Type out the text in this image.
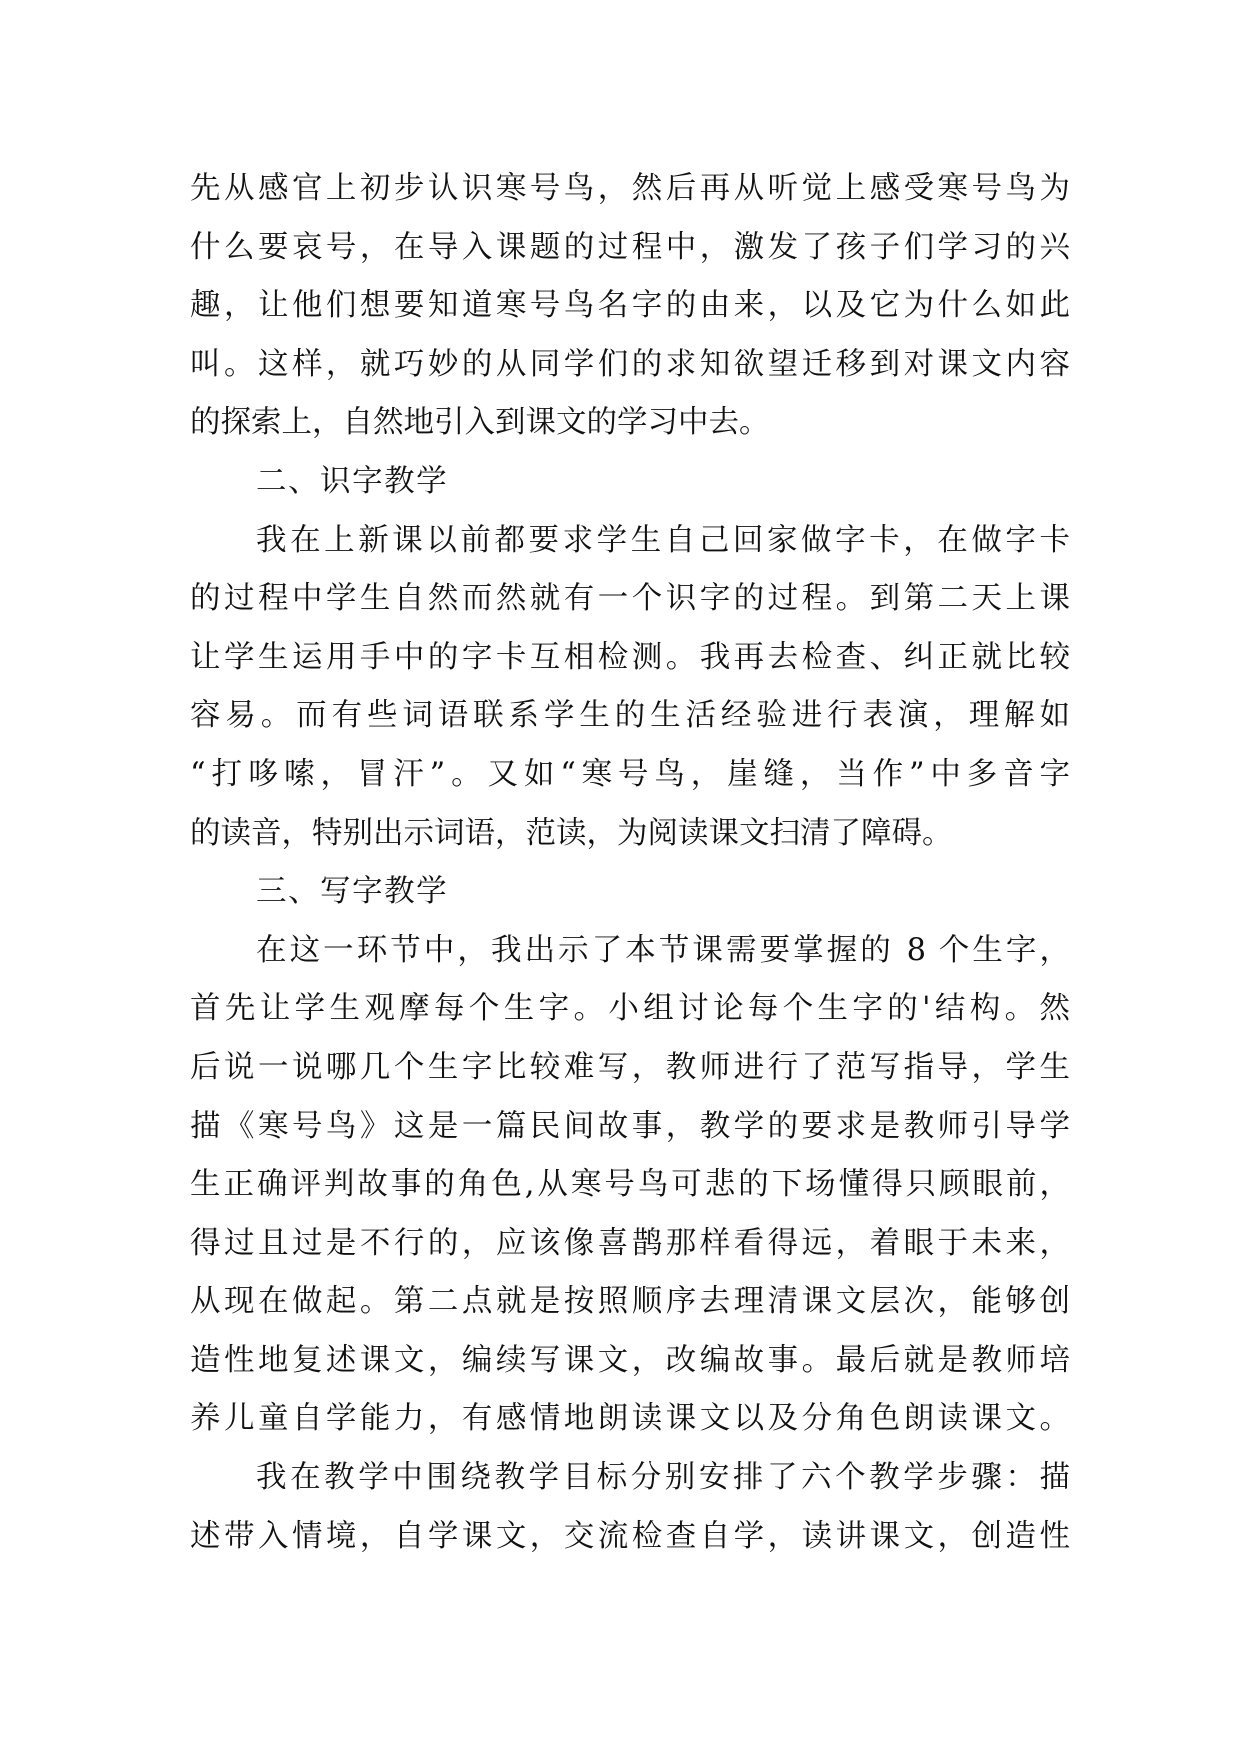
先从感官上初步认识寒号鸟，然后再从听觉上感受寒号鸟为
什么要哀号，在导入课题的过程中，激发了孩子们学习的兴
趣，让他们想要知道寒号鸟名字的由来，以及它为什么如此
叫。这样，就巧妙的从同学们的求知欲望迁移到对课文内容
的探索上，自然地引入到课文的学习中去。
二、识字教学
我在上新课以前都要求学生自己回家做字卡，在做字卡
的过程中学生自然而然就有一个识字的过程。到第二天上课
让学生运用手中的字卡互相检测。我再去检查、纠正就比较
容易。而有些词语联系学生的生活经验进行表演，理解如
“打哆嗦，冒汗”。又如“寒号鸟，崖缝，当作”中多音字
的读音，特别出示词语，范读，为阅读课文扫清了障碍。
三、写字教学
在这一环节中，我出示了本节课需要掌握的 8 个生字，
首先让学生观摩每个生字。小组讨论每个生字的'结构。然
后说一说哪几个生字比较难写，教师进行了范写指导，学生
描《寒号鸟》这是一篇民间故事，教学的要求是教师引导学
生正确评判故事的角色,从寒号鸟可悲的下场懂得只顾眼前，
得过且过是不行的，应该像喜鹊那样看得远，着眼于未来，
从现在做起。第二点就是按照顺序去理清课文层次，能够创
造性地复述课文，编续写课文，改编故事。最后就是教师培
养儿童自学能力，有感情地朗读课文以及分角色朗读课文。
我在教学中围绕教学目标分别安排了六个教学步骤：描
述带入情境，自学课文，交流检查自学，读讲课文，创造性
